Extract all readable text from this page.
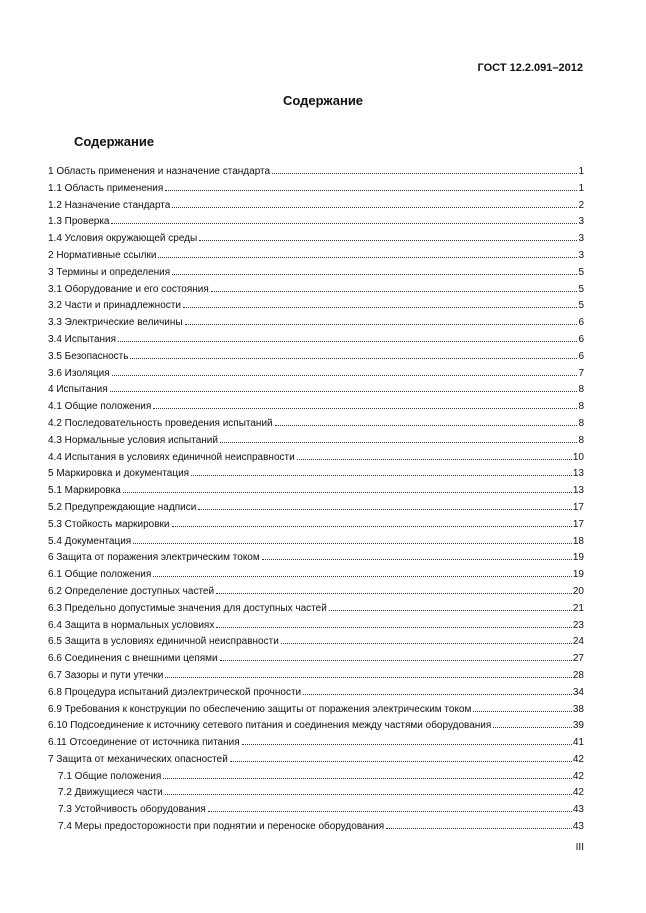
ГОСТ 12.2.091–2012
Содержание
Содержание
1 Область применения и назначение стандарта	1
1.1 Область применения	1
1.2 Назначение стандарта	2
1.3 Проверка	3
1.4 Условия окружающей среды	3
2 Нормативные ссылки	3
3 Термины и определения	5
3.1 Оборудование и его состояния	5
3.2 Части и принадлежности	5
3.3 Электрические величины	6
3.4 Испытания	6
3.5 Безопасность	6
3.6 Изоляция	7
4 Испытания	8
4.1 Общие положения	8
4.2 Последовательность проведения испытаний	8
4.3 Нормальные условия испытаний	8
4.4 Испытания в условиях единичной неисправности	10
5 Маркировка и документация	13
5.1 Маркировка	13
5.2 Предупреждающие надписи	17
5.3 Стойкость маркировки	17
5.4 Документация	18
6 Защита от поражения электрическим током	19
6.1 Общие положения	19
6.2 Определение доступных частей	20
6.3 Предельно допустимые значения для доступных частей	21
6.4 Защита в нормальных условиях	23
6.5 Защита в условиях единичной неисправности	24
6.6 Соединения с внешними цепями	27
6.7 Зазоры и пути утечки	28
6.8 Процедура испытаний диэлектрической прочности	34
6.9 Требования к конструкции по обеспечению защиты от поражения электрическим током	38
6.10 Подсоединение к источнику сетевого питания и соединения между частями оборудования	39
6.11 Отсоединение от источника питания	41
7 Защита от механических опасностей	42
7.1 Общие положения	42
7.2 Движущиеся части	42
7.3 Устойчивость оборудования	43
7.4 Меры предосторожности при поднятии и переноске оборудования	43
III
